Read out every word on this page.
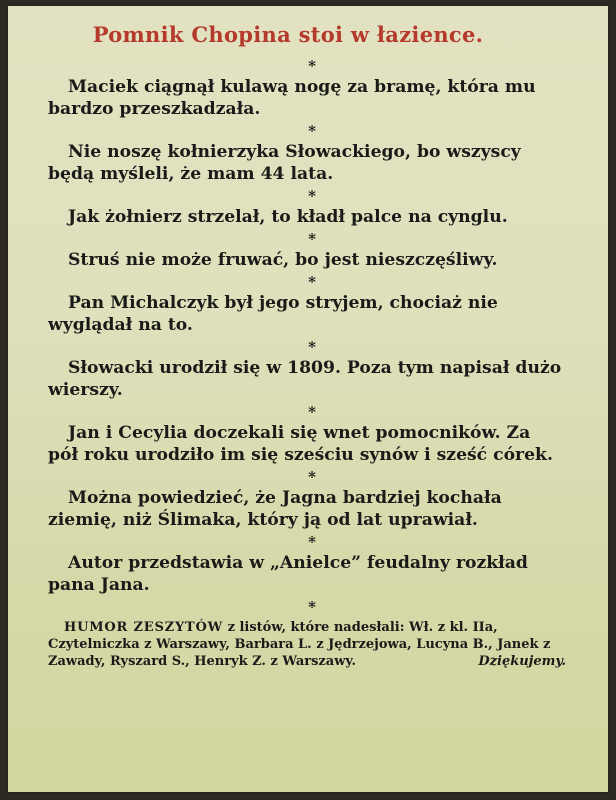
Pomnik Chopina stoi w łazience.
*

Maciek ciągnął kulawą nogę za bramę, która mu bardzo przeszkadzała.

*

Nie noszę kołnierzyka Słowackiego, bo wszyscy będą myśleli, że mam 44 lata.

*

Jak żołnierz strzelał, to kładł palce na cynglu.

*

Struś nie może fruwać, bo jest nieszczęśliwy.

*

Pan Michalczyk był jego stryjem, chociaż nie wyglądał na to.

*

Słowacki urodził się w 1809. Poza tym napisał dużo wierszy.

*

Jan i Cecylia doczekali się wnet pomocników. Za pół roku urodziło im się sześciu synów i sześć córek.

*

Można powiedzieć, że Jagna bardziej kochała ziemię, niż Ślimaka, który ją od lat uprawiał.

*

Autor przedstawia w „Anielce” feudalny rozkład pana Jana.

*
HUMOR ZESZYTÓW z listów, które nadesłali: Wł. z kl. IIa, Czytelniczka z Warszawy, Barbara L. z Jędrzejowa, Lucyna B., Janek z Zawady, Ryszard S., Henryk Z. z Warszawy.	Dziękujemy.
